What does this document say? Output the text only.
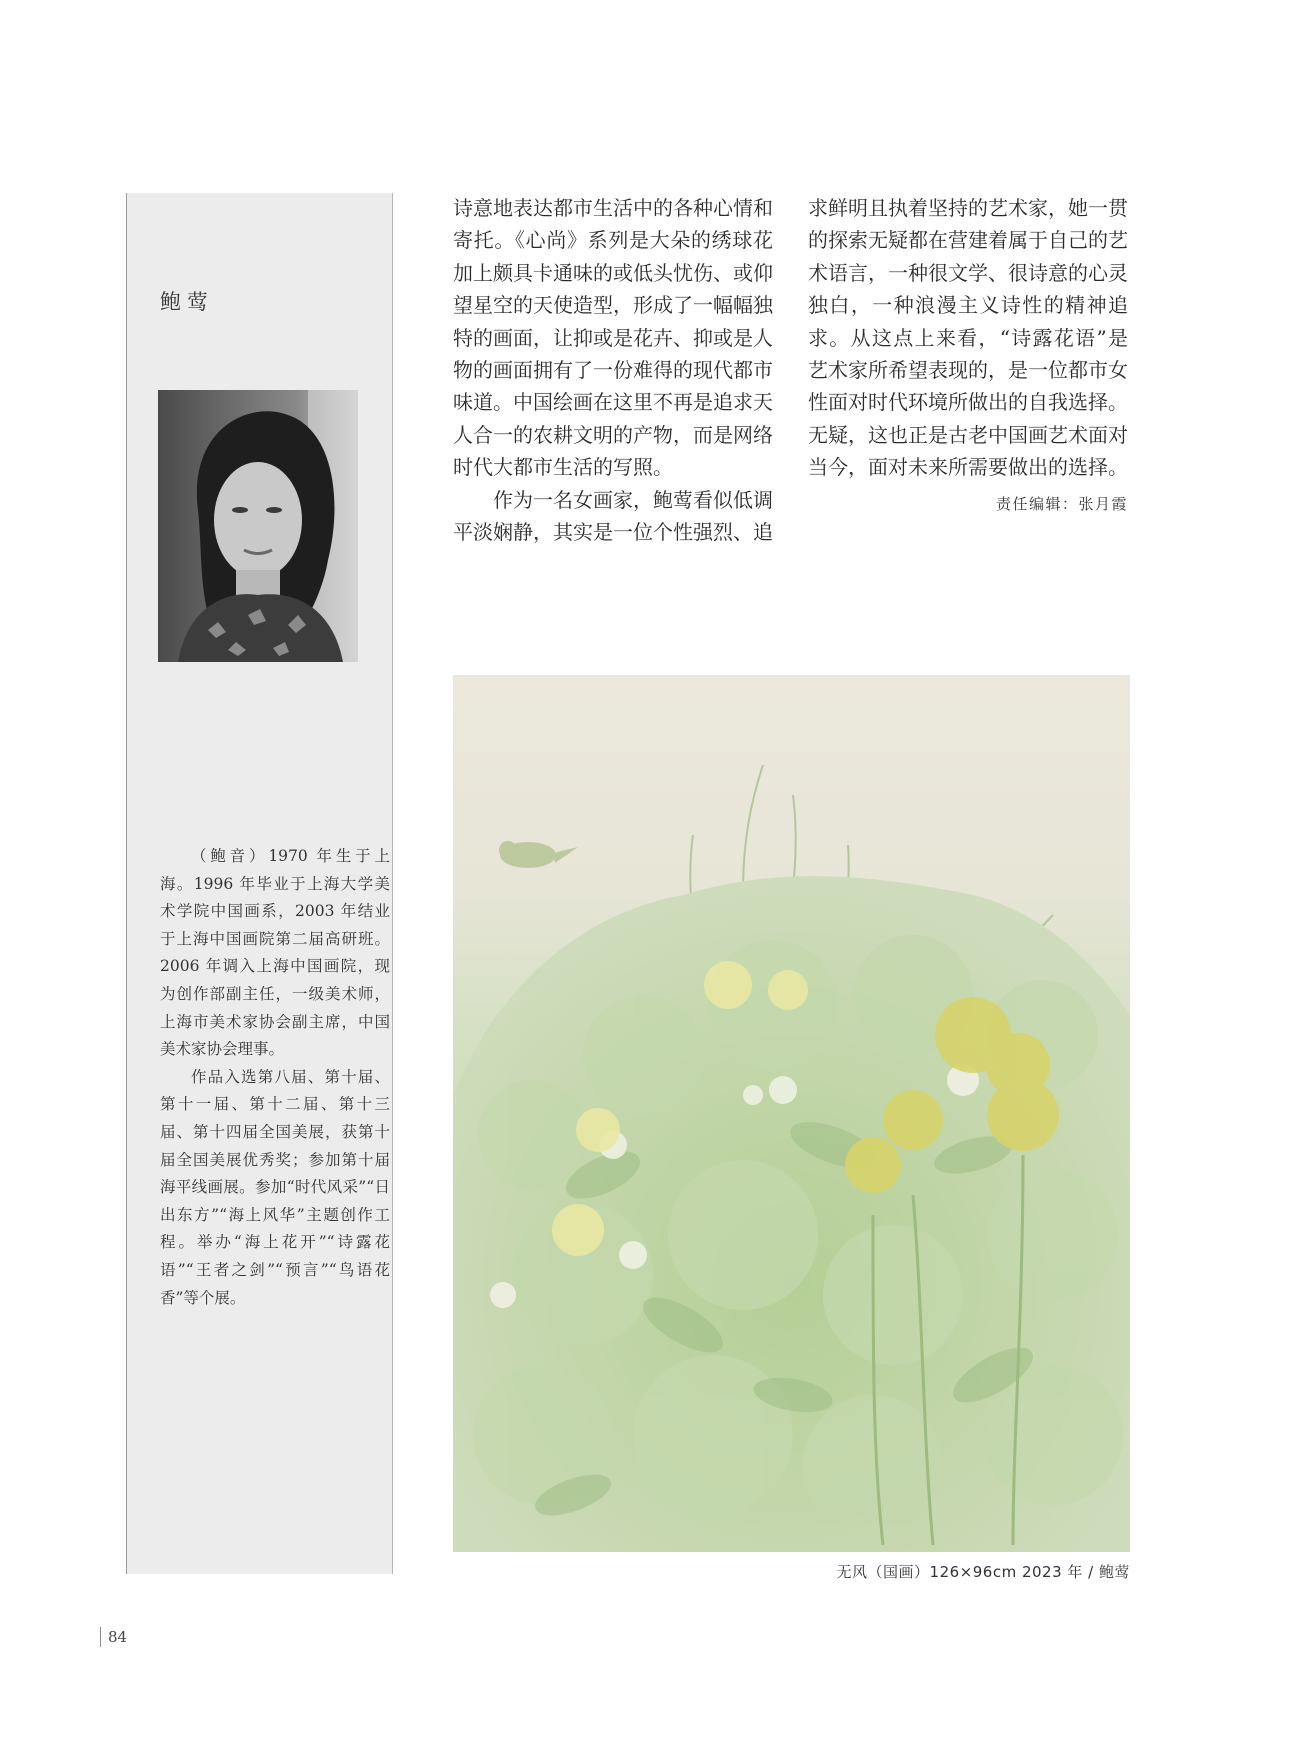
鲍莺

（鲍音）1970 年生于上海。1996 年毕业于上海大学美术学院中国画系，2003 年结业于上海中国画院第二届高研班。2006 年调入上海中国画院，现为创作部副主任，一级美术师，上海市美术家协会副主席，中国美术家协会理事。

作品入选第八届、第十届、第十一届、第十二届、第十三届、第十四届全国美展，获第十届全国美展优秀奖；参加第十届海平线画展。参加“时代风采”“日出东方”“海上风华”主题创作工程。举办“海上花开”“诗露花语”“王者之剑”“预言”“鸟语花香”等个展。

诗意地表达都市生活中的各种心情和寄托。《心尚》系列是大朵的绣球花加上颇具卡通味的或低头忧伤、或仰望星空的天使造型，形成了一幅幅独特的画面，让抑或是花卉、抑或是人物的画面拥有了一份难得的现代都市味道。中国绘画在这里不再是追求天人合一的农耕文明的产物，而是网络时代大都市生活的写照。

作为一名女画家，鲍莺看似低调平淡娴静，其实是一位个性强烈、追

求鲜明且执着坚持的艺术家，她一贯的探索无疑都在营建着属于自己的艺术语言，一种很文学、很诗意的心灵独白，一种浪漫主义诗性的精神追求。从这点上来看，“诗露花语”是艺术家所希望表现的，是一位都市女性面对时代环境所做出的自我选择。无疑，这也正是古老中国画艺术面对当今，面对未来所需要做出的选择。

责任编辑：张月霞
无风（国画）126×96cm 2023 年 / 鲍莺
84
